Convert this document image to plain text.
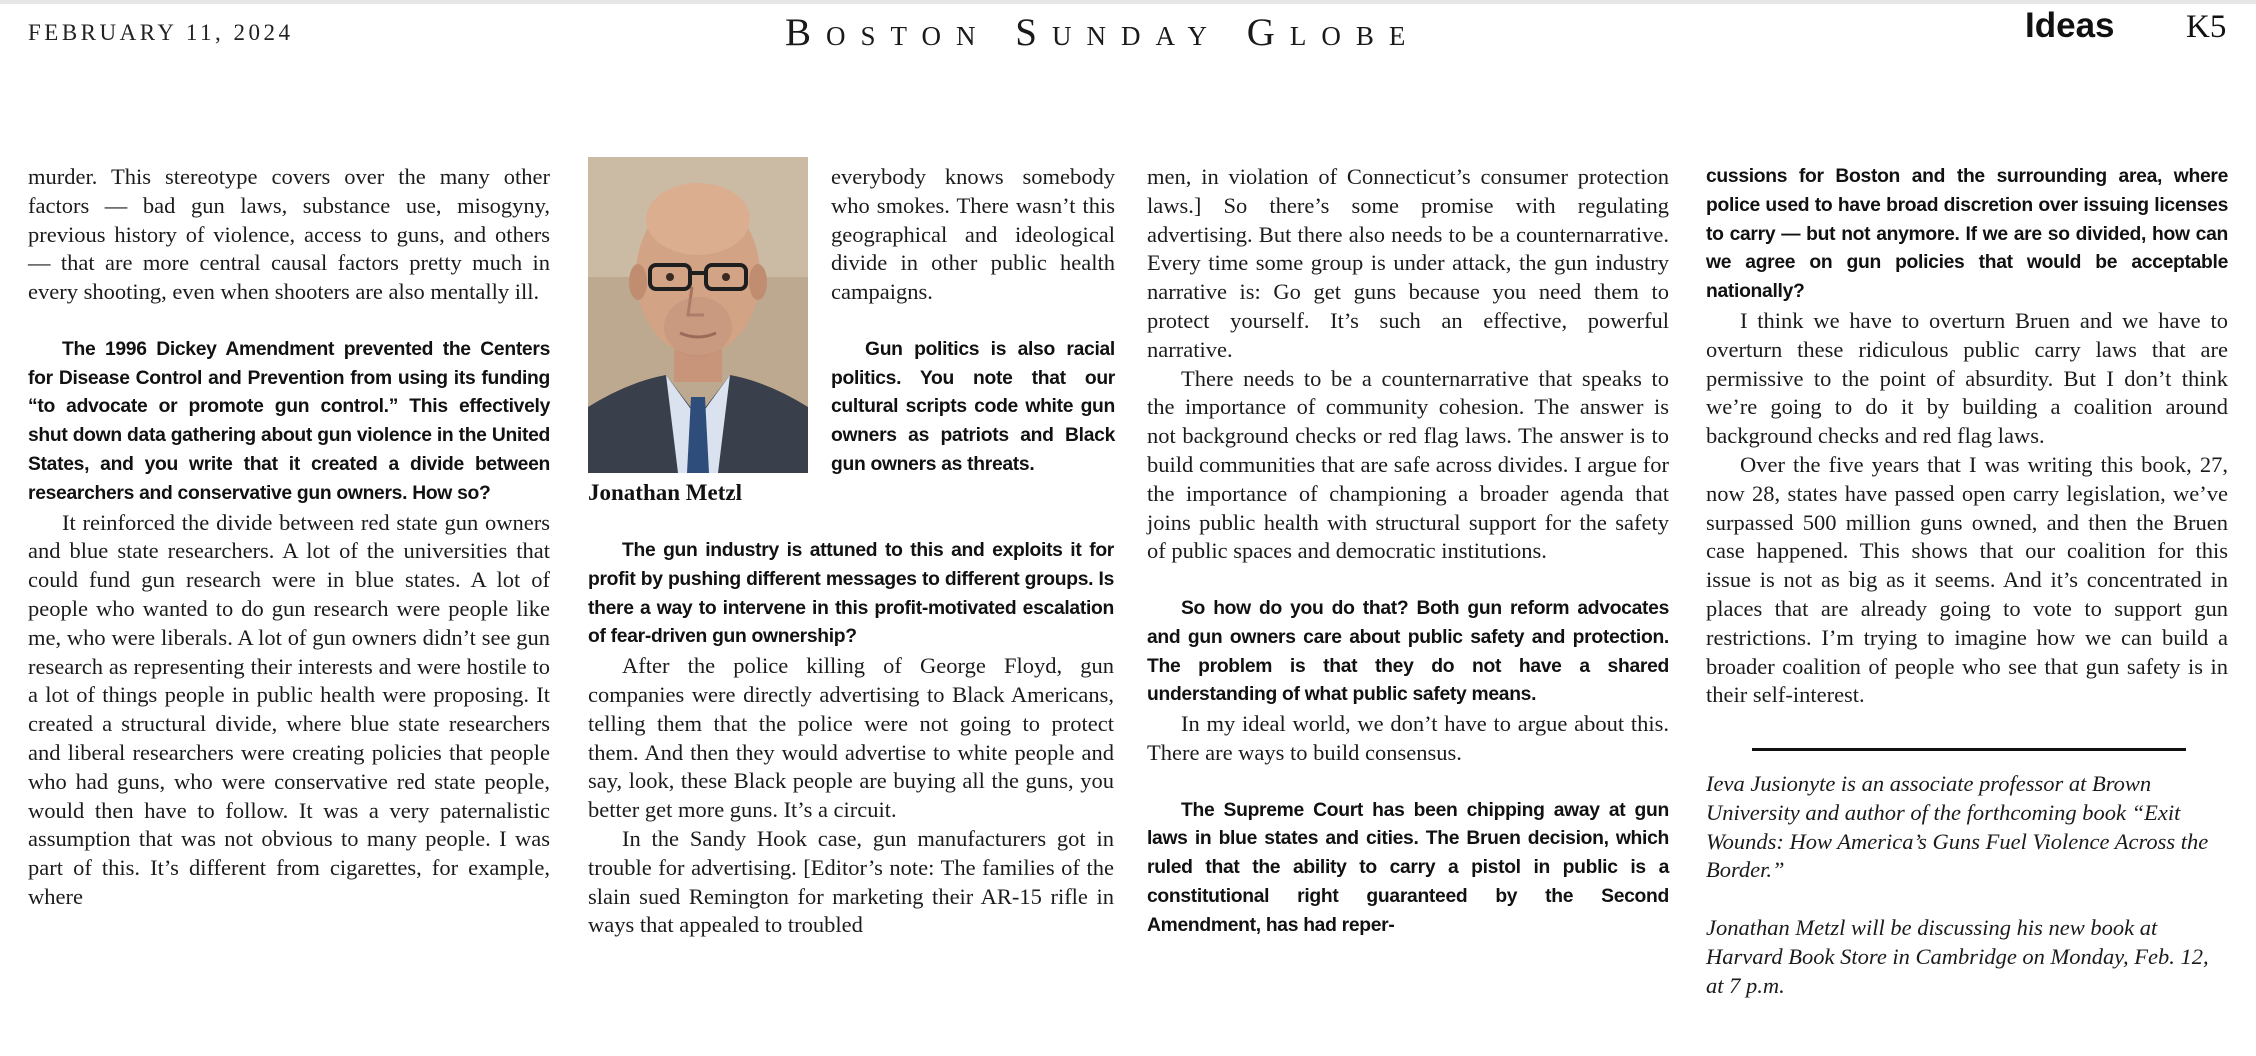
FEBRUARY 11, 2024	Boston Sunday Globe	Ideas K5

murder. This stereotype covers over the many other factors — bad gun laws, substance use, misogyny, previous history of violence, access to guns, and others — that are more central causal factors pretty much in every shooting, even when shooters are also mentally ill.

The 1996 Dickey Amendment prevented the Centers for Disease Control and Prevention from using its funding “to advocate or promote gun control.” This effectively shut down data gathering about gun violence in the United States, and you write that it created a divide between researchers and conservative gun owners. How so?

It reinforced the divide between red state gun owners and blue state researchers. A lot of the universities that could fund gun research were in blue states. A lot of people who wanted to do gun research were people like me, who were liberals. A lot of gun owners didn’t see gun research as representing their interests and were hostile to a lot of things people in public health were proposing. It created a structural divide, where blue state researchers and liberal researchers were creating policies that people who had guns, who were conservative red state people, would then have to follow. It was a very paternalistic assumption that was not obvious to many people. I was part of this. It’s different from cigarettes, for example, where

Jonathan Metzl

everybody knows somebody who smokes. There wasn’t this geographical and ideological divide in other public health campaigns.

Gun politics is also racial politics. You note that our cultural scripts code white gun owners as patriots and Black gun owners as threats.

The gun industry is attuned to this and exploits it for profit by pushing different messages to different groups. Is there a way to intervene in this profit-motivated escalation of fear-driven gun ownership?

After the police killing of George Floyd, gun companies were directly advertising to Black Americans, telling them that the police were not going to protect them. And then they would advertise to white people and say, look, these Black people are buying all the guns, you better get more guns. It’s a circuit.

In the Sandy Hook case, gun manufacturers got in trouble for advertising. [Editor’s note: The families of the slain sued Remington for marketing their AR-15 rifle in ways that appealed to troubled

men, in violation of Connecticut’s consumer protection laws.] So there’s some promise with regulating advertising. But there also needs to be a counternarrative. Every time some group is under attack, the gun industry narrative is: Go get guns because you need them to protect yourself. It’s such an effective, powerful narrative.

There needs to be a counternarrative that speaks to the importance of community cohesion. The answer is not background checks or red flag laws. The answer is to build communities that are safe across divides. I argue for the importance of championing a broader agenda that joins public health with structural support for the safety of public spaces and democratic institutions.

So how do you do that? Both gun reform advocates and gun owners care about public safety and protection. The problem is that they do not have a shared understanding of what public safety means.

In my ideal world, we don’t have to argue about this. There are ways to build consensus.

The Supreme Court has been chipping away at gun laws in blue states and cities. The Bruen decision, which ruled that the ability to carry a pistol in public is a constitutional right guaranteed by the Second Amendment, has had reper-

cussions for Boston and the surrounding area, where police used to have broad discretion over issuing licenses to carry — but not anymore. If we are so divided, how can we agree on gun policies that would be acceptable nationally?

I think we have to overturn Bruen and we have to overturn these ridiculous public carry laws that are permissive to the point of absurdity. But I don’t think we’re going to do it by building a coalition around background checks and red flag laws.

Over the five years that I was writing this book, 27, now 28, states have passed open carry legislation, we’ve surpassed 500 million guns owned, and then the Bruen case happened. This shows that our coalition for this issue is not as big as it seems. And it’s concentrated in places that are already going to vote to support gun restrictions. I’m trying to imagine how we can build a broader coalition of people who see that gun safety is in their self-interest.

Ieva Jusionyte is an associate professor at Brown University and author of the forthcoming book “Exit Wounds: How America’s Guns Fuel Violence Across the Border.”

Jonathan Metzl will be discussing his new book at Harvard Book Store in Cambridge on Monday, Feb. 12, at 7 p.m.
